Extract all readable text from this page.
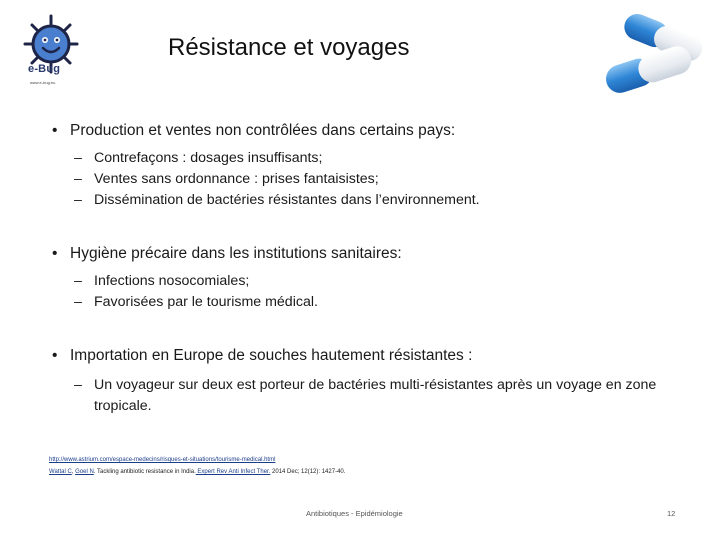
e-Bug
www.e-bug.eu
Résistance et voyages
• Production et ventes non contrôlées dans certains pays:
– Contrefaçons : dosages insuffisants;
– Ventes sans ordonnance : prises fantaisistes;
– Dissémination de bactéries résistantes dans l’environnement.
• Hygiène précaire dans les institutions sanitaires:
– Infections nosocomiales;
– Favorisées par le tourisme médical.
• Importation en Europe de souches hautement résistantes :
– Un voyageur sur deux est porteur de bactéries multi-résistantes après un voyage en zone tropicale.
http://www.astrium.com/espace-medecins/risques-et-situations/tourisme-medical.html
Wattal C, Goel N. Tackling antibiotic resistance in India. Expert Rev Anti Infect Ther. 2014 Dec; 12(12): 1427-40.
Antibiotiques - Epidémiologie	12
